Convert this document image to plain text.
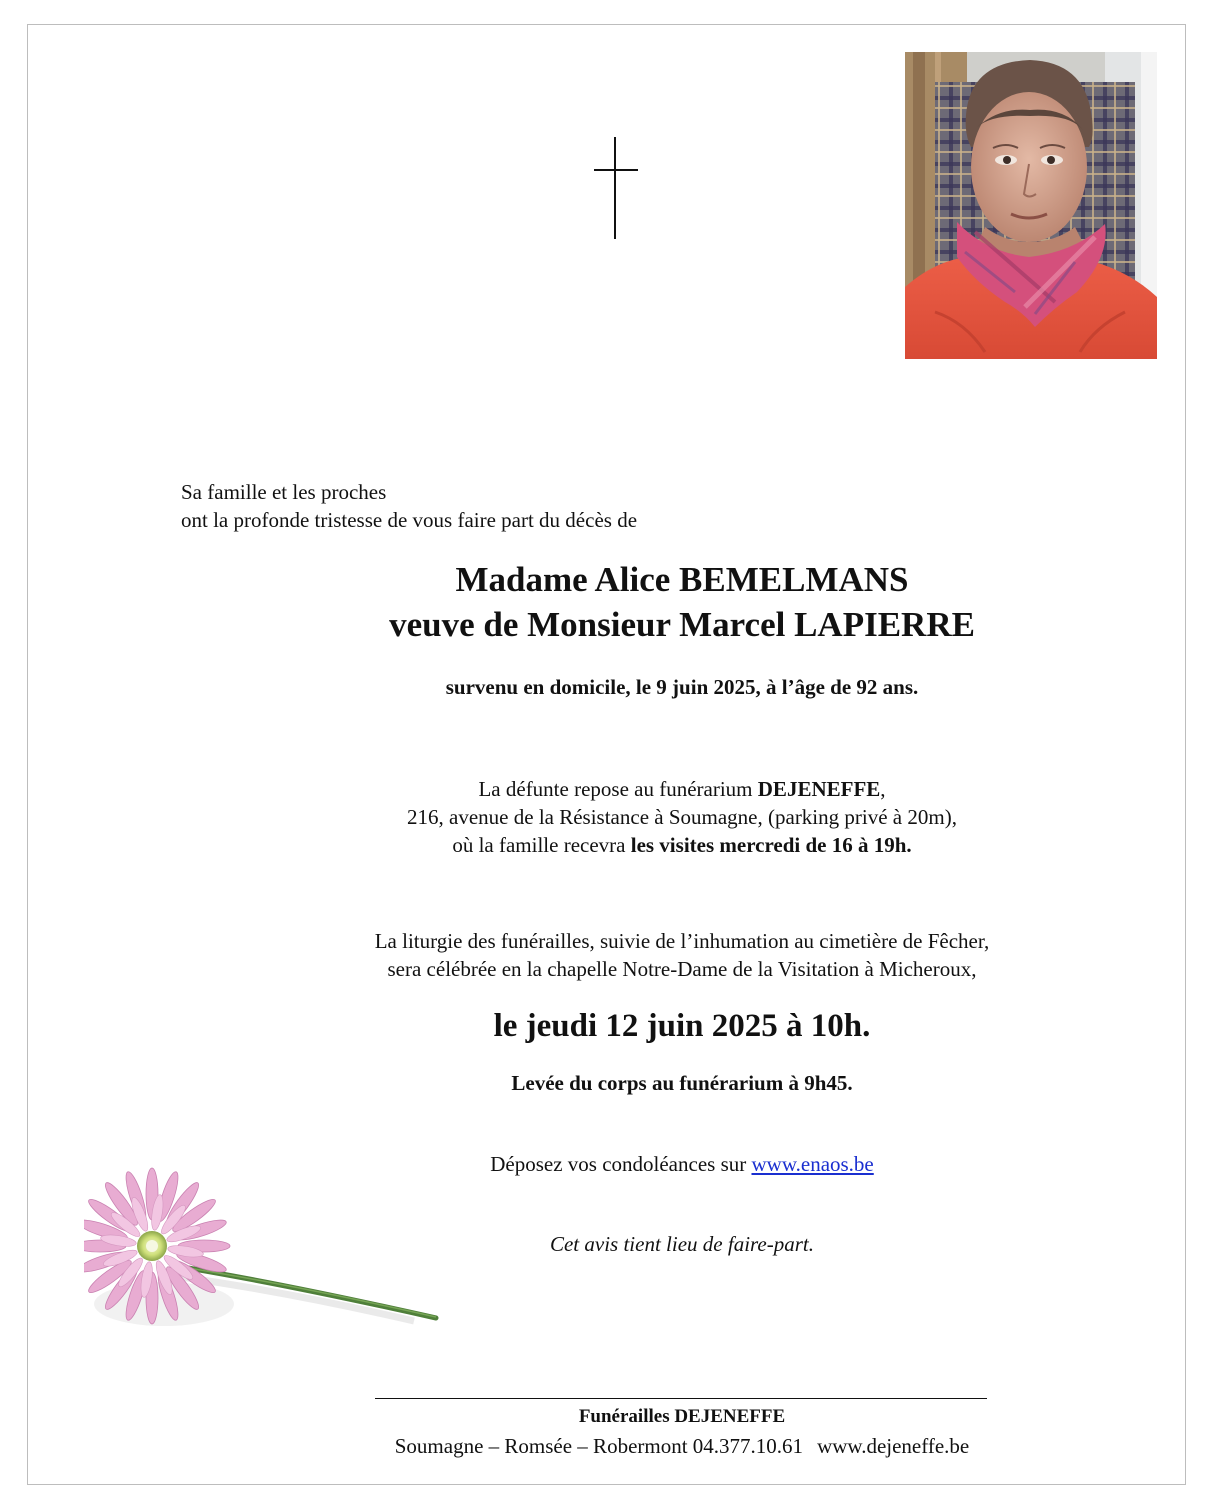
Sa famille et les proches
ont la profonde tristesse de vous faire part du décès de
Madame Alice BEMELMANS
veuve de Monsieur Marcel LAPIERRE
survenu en domicile, le 9 juin 2025, à l’âge de 92 ans.
La défunte repose au funérarium DEJENEFFE,
216, avenue de la Résistance à Soumagne, (parking privé à 20m),
où la famille recevra les visites mercredi de 16 à 19h.
La liturgie des funérailles, suivie de l’inhumation au cimetière de Fêcher,
sera célébrée en la chapelle Notre-Dame de la Visitation à Micheroux,
le jeudi 12 juin 2025 à 10h.
Levée du corps au funérarium à 9h45.
Déposez vos condoléances sur www.enaos.be
Cet avis tient lieu de faire-part.
Funérailles DEJENEFFE
Soumagne – Romsée – Robermont 04.377.10.61 www.dejeneffe.be
